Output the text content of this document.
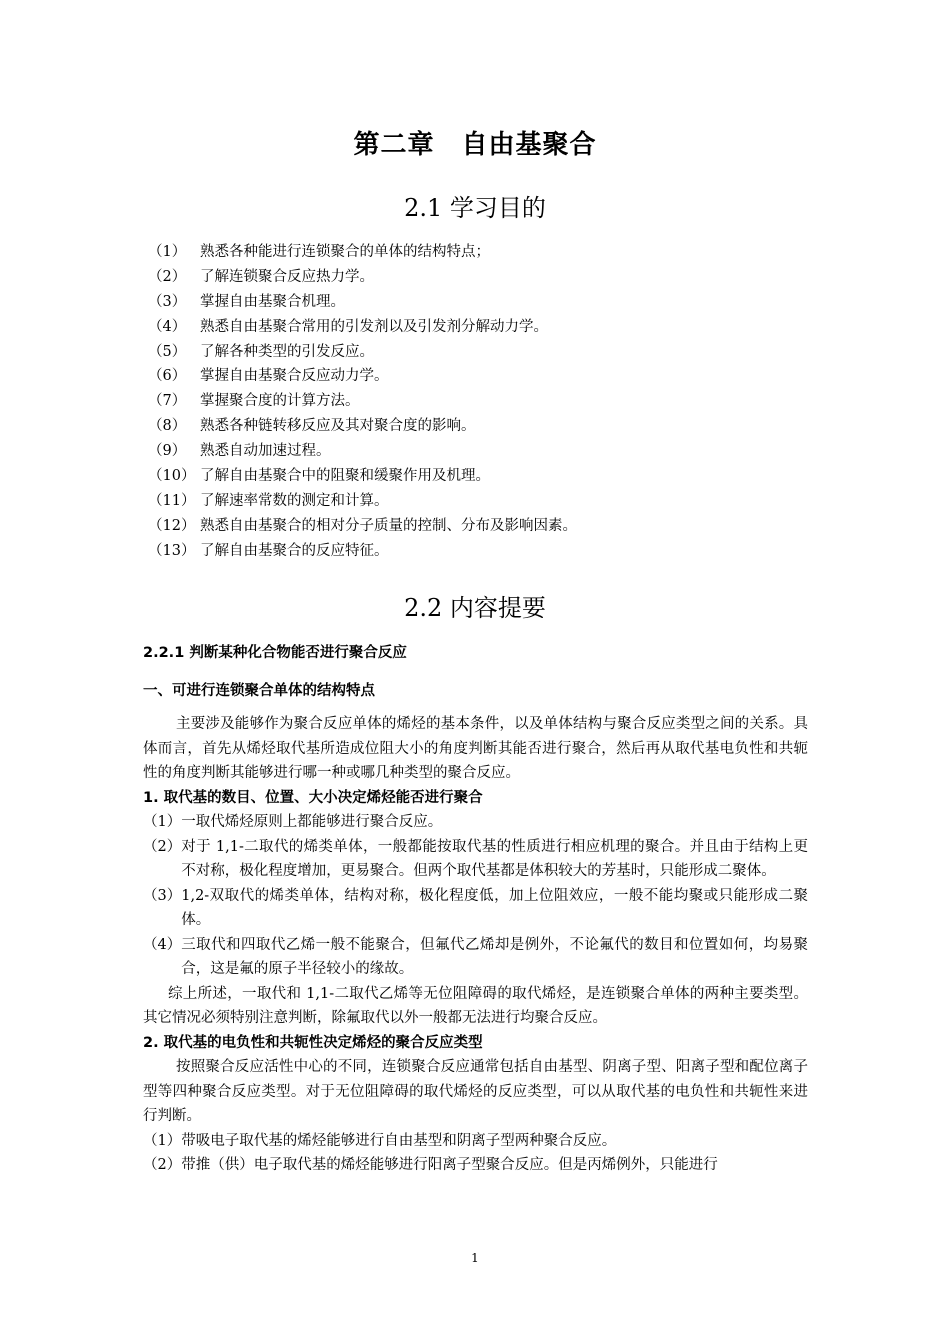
第二章　自由基聚合
2.1 学习目的
（1） 熟悉各种能进行连锁聚合的单体的结构特点；
（2） 了解连锁聚合反应热力学。
（3） 掌握自由基聚合机理。
（4） 熟悉自由基聚合常用的引发剂以及引发剂分解动力学。
（5） 了解各种类型的引发反应。
（6） 掌握自由基聚合反应动力学。
（7） 掌握聚合度的计算方法。
（8） 熟悉各种链转移反应及其对聚合度的影响。
（9） 熟悉自动加速过程。
（10） 了解自由基聚合中的阻聚和缓聚作用及机理。
（11） 了解速率常数的测定和计算。
（12） 熟悉自由基聚合的相对分子质量的控制、分布及影响因素。
（13） 了解自由基聚合的反应特征。
2.2 内容提要
2.2.1 判断某种化合物能否进行聚合反应
一、可进行连锁聚合单体的结构特点

主要涉及能够作为聚合反应单体的烯烃的基本条件，以及单体结构与聚合反应类型之间的关系。具体而言，首先从烯烃取代基所造成位阻大小的角度判断其能否进行聚合，然后再从取代基电负性和共轭性的角度判断其能够进行哪一种或哪几种类型的聚合反应。

1. 取代基的数目、位置、大小决定烯烃能否进行聚合

（1） 一取代烯烃原则上都能够进行聚合反应。
（2） 对于 1,1-二取代的烯类单体，一般都能按取代基的性质进行相应机理的聚合。并且由于结构上更不对称，极化程度增加，更易聚合。但两个取代基都是体积较大的芳基时，只能形成二聚体。
（3） 1,2-双取代的烯类单体，结构对称，极化程度低，加上位阻效应，一般不能均聚或只能形成二聚体。
（4） 三取代和四取代乙烯一般不能聚合，但氟代乙烯却是例外，不论氟代的数目和位置如何，均易聚合，这是氟的原子半径较小的缘故。

综上所述，一取代和 1,1-二取代乙烯等无位阻障碍的取代烯烃，是连锁聚合单体的两种主要类型。其它情况必须特别注意判断，除氟取代以外一般都无法进行均聚合反应。

2. 取代基的电负性和共轭性决定烯烃的聚合反应类型

按照聚合反应活性中心的不同，连锁聚合反应通常包括自由基型、阴离子型、阳离子型和配位离子型等四种聚合反应类型。对于无位阻障碍的取代烯烃的反应类型，可以从取代基的电负性和共轭性来进行判断。

（1） 带吸电子取代基的烯烃能够进行自由基型和阴离子型两种聚合反应。
（2） 带推（供）电子取代基的烯烃能够进行阳离子型聚合反应。但是丙烯例外，只能进行
1
